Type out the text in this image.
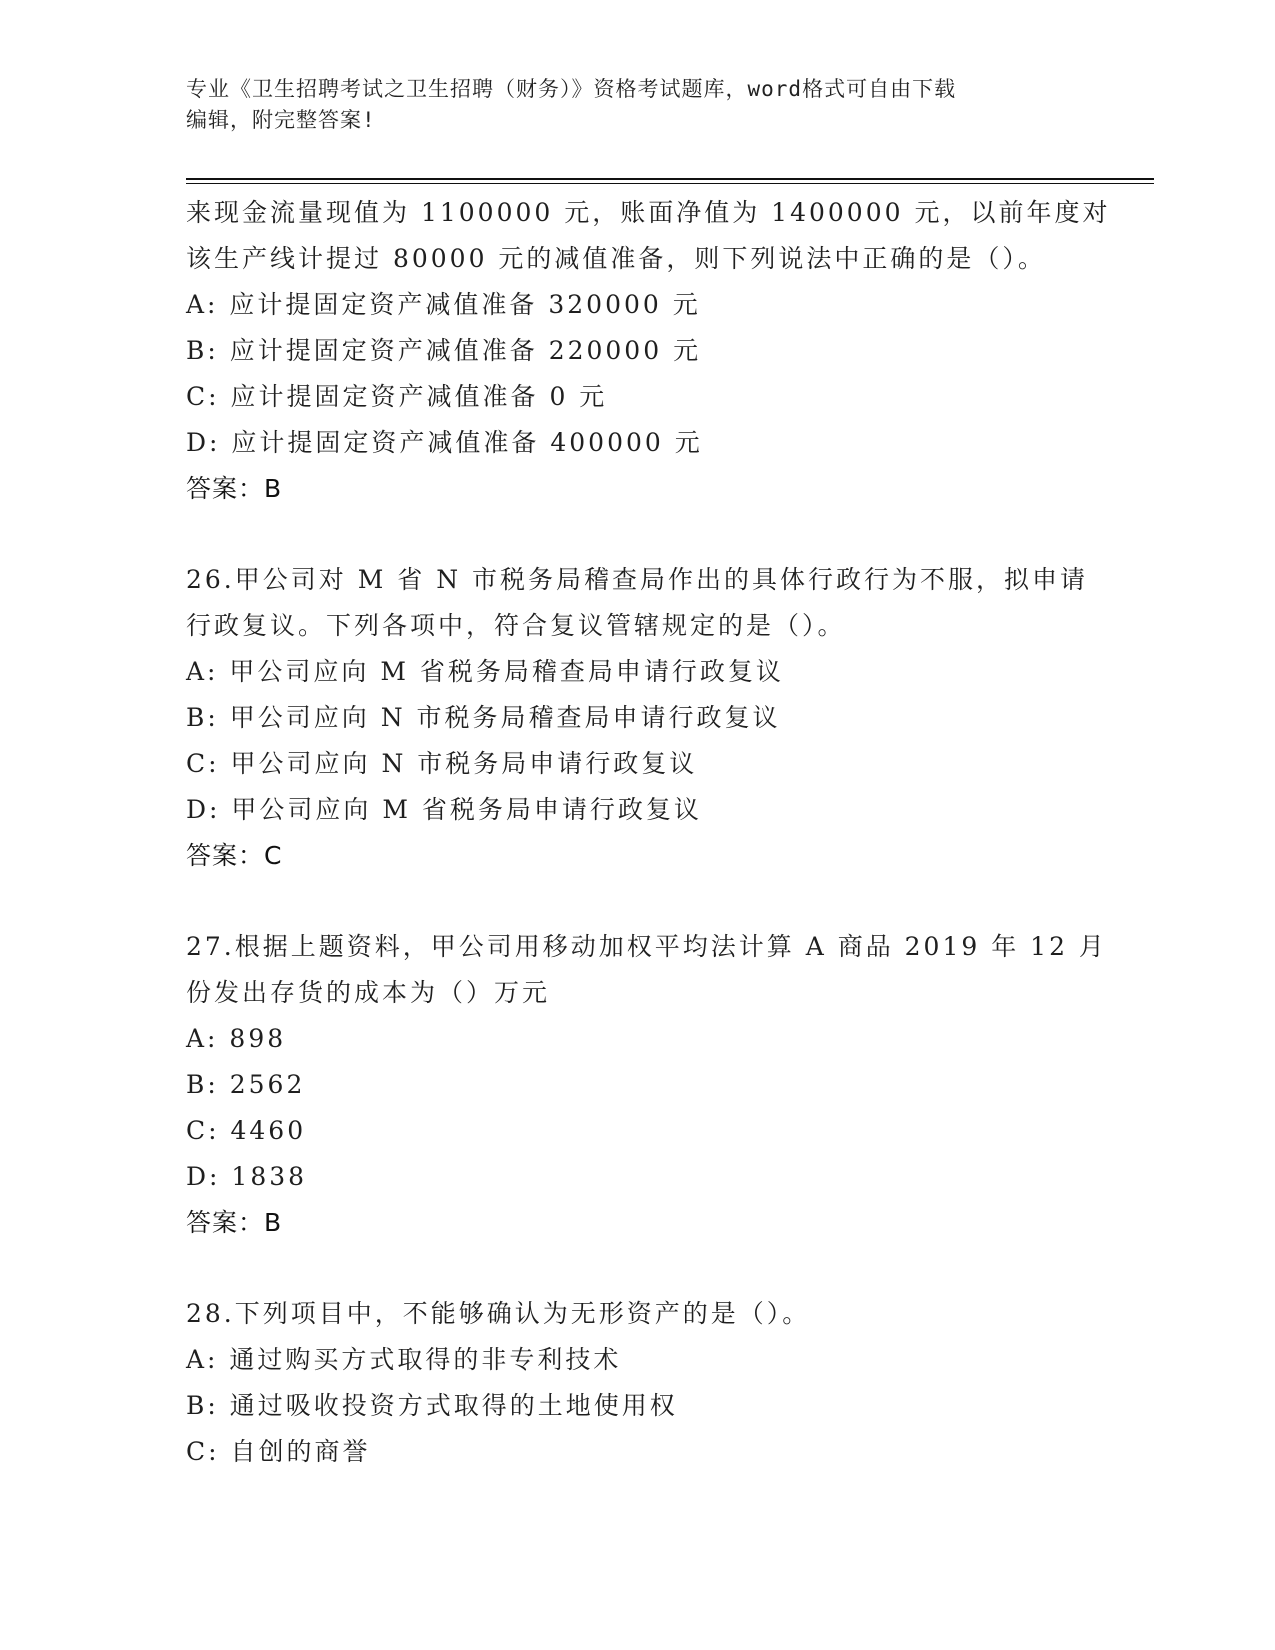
专业《卫生招聘考试之卫生招聘（财务）》资格考试题库，word格式可自由下载
编辑，附完整答案!
来现金流量现值为 1100000 元，账面净值为 1400000 元，以前年度对
该生产线计提过 80000 元的减值准备，则下列说法中正确的是（）。
A: 应计提固定资产减值准备 320000 元
B: 应计提固定资产减值准备 220000 元
C: 应计提固定资产减值准备 0 元
D: 应计提固定资产减值准备 400000 元
答案：B
26.甲公司对 M 省 N 市税务局稽查局作出的具体行政行为不服，拟申请
行政复议。下列各项中，符合复议管辖规定的是（）。
A: 甲公司应向 M 省税务局稽查局申请行政复议
B: 甲公司应向 N 市税务局稽查局申请行政复议
C: 甲公司应向 N 市税务局申请行政复议
D: 甲公司应向 M 省税务局申请行政复议
答案：C
27.根据上题资料，甲公司用移动加权平均法计算 A 商品 2019 年 12 月
份发出存货的成本为（）万元
A: 898
B: 2562
C: 4460
D: 1838
答案：B
28.下列项目中，不能够确认为无形资产的是（）。
A: 通过购买方式取得的非专利技术
B: 通过吸收投资方式取得的土地使用权
C: 自创的商誉
